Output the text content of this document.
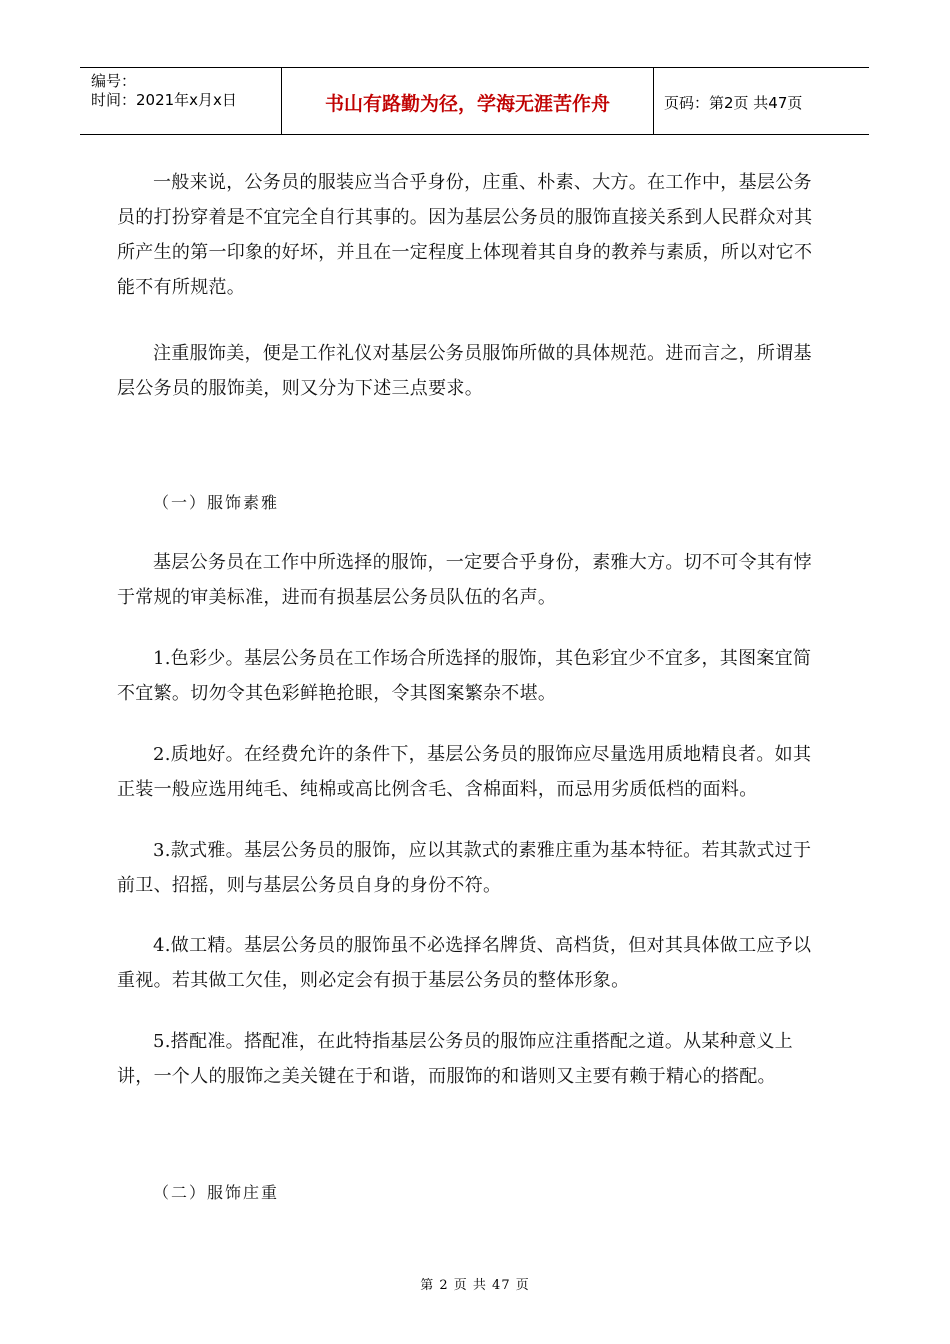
编号：
时间：2021年x月x日	书山有路勤为径，学海无涯苦作舟	页码：第2页 共47页

一般来说，公务员的服装应当合乎身份，庄重、朴素、大方。在工作中，基层公务员的打扮穿着是不宜完全自行其事的。因为基层公务员的服饰直接关系到人民群众对其所产生的第一印象的好坏，并且在一定程度上体现着其自身的教养与素质，所以对它不能不有所规范。

注重服饰美，便是工作礼仪对基层公务员服饰所做的具体规范。进而言之，所谓基层公务员的服饰美，则又分为下述三点要求。

（一）服饰素雅

基层公务员在工作中所选择的服饰，一定要合乎身份，素雅大方。切不可令其有悖于常规的审美标准，进而有损基层公务员队伍的名声。

1.色彩少。基层公务员在工作场合所选择的服饰，其色彩宜少不宜多，其图案宜简不宜繁。切勿令其色彩鲜艳抢眼，令其图案繁杂不堪。

2.质地好。在经费允许的条件下，基层公务员的服饰应尽量选用质地精良者。如其正装一般应选用纯毛、纯棉或高比例含毛、含棉面料，而忌用劣质低档的面料。

3.款式雅。基层公务员的服饰，应以其款式的素雅庄重为基本特征。若其款式过于前卫、招摇，则与基层公务员自身的身份不符。

4.做工精。基层公务员的服饰虽不必选择名牌货、高档货，但对其具体做工应予以重视。若其做工欠佳，则必定会有损于基层公务员的整体形象。

5.搭配准。搭配准，在此特指基层公务员的服饰应注重搭配之道。从某种意义上讲，一个人的服饰之美关键在于和谐，而服饰的和谐则又主要有赖于精心的搭配。

（二）服饰庄重

第 2 页 共 47 页
